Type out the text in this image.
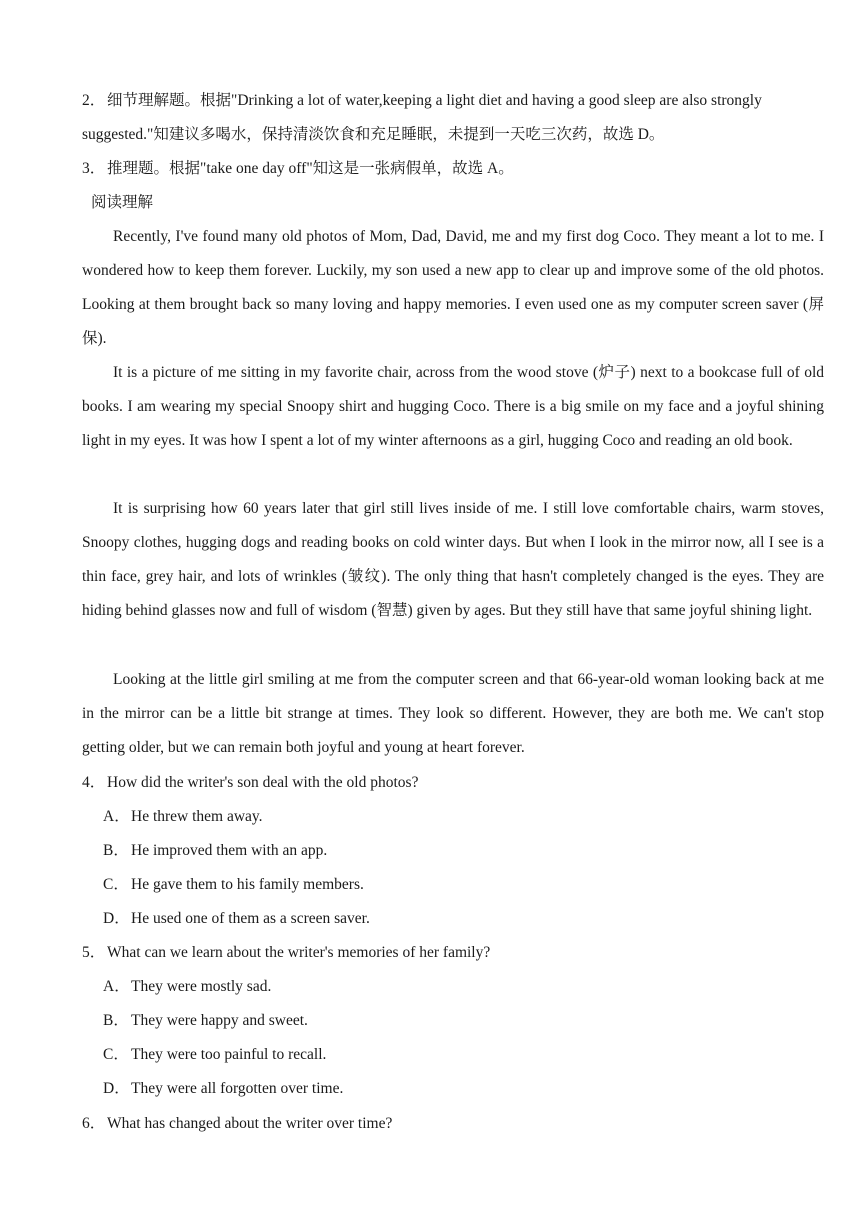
2． 细节理解题。根据"Drinking a lot of water,keeping a light diet and having a good sleep are also strongly
suggested."知建议多喝水，保持清淡饮食和充足睡眠，未提到一天吃三次药，故选 D。
3． 推理题。根据"take one day off"知这是一张病假单，故选 A。
阅读理解
Recently, I've found many old photos of Mom, Dad, David, me and my first dog Coco. They meant a lot to me. I wondered how to keep them forever. Luckily, my son used a new app to clear up and improve some of the old photos. Looking at them brought back so many loving and happy memories. I even used one as my computer screen saver (屏保).
It is a picture of me sitting in my favorite chair, across from the wood stove (炉子) next to a bookcase full of old books. I am wearing my special Snoopy shirt and hugging Coco. There is a big smile on my face and a joyful shining light in my eyes. It was how I spent a lot of my winter afternoons as a girl, hugging Coco and reading an old book.
It is surprising how 60 years later that girl still lives inside of me. I still love comfortable chairs, warm stoves, Snoopy clothes, hugging dogs and reading books on cold winter days. But when I look in the mirror now, all I see is a thin face, grey hair, and lots of wrinkles (皱纹). The only thing that hasn't completely changed is the eyes. They are hiding behind glasses now and full of wisdom (智慧) given by ages. But they still have that same joyful shining light.
Looking at the little girl smiling at me from the computer screen and that 66-year-old woman looking back at me in the mirror can be a little bit strange at times. They look so different. However, they are both me. We can't stop getting older, but we can remain both joyful and young at heart forever.
4． How did the writer's son deal with the old photos?
A．He threw them away.
B． He improved them with an app.
C． He gave them to his family members.
D．He used one of them as a screen saver.
5． What can we learn about the writer's memories of her family?
A．They were mostly sad.
B． They were happy and sweet.
C． They were too painful to recall.
D．They were all forgotten over time.
6． What has changed about the writer over time?
